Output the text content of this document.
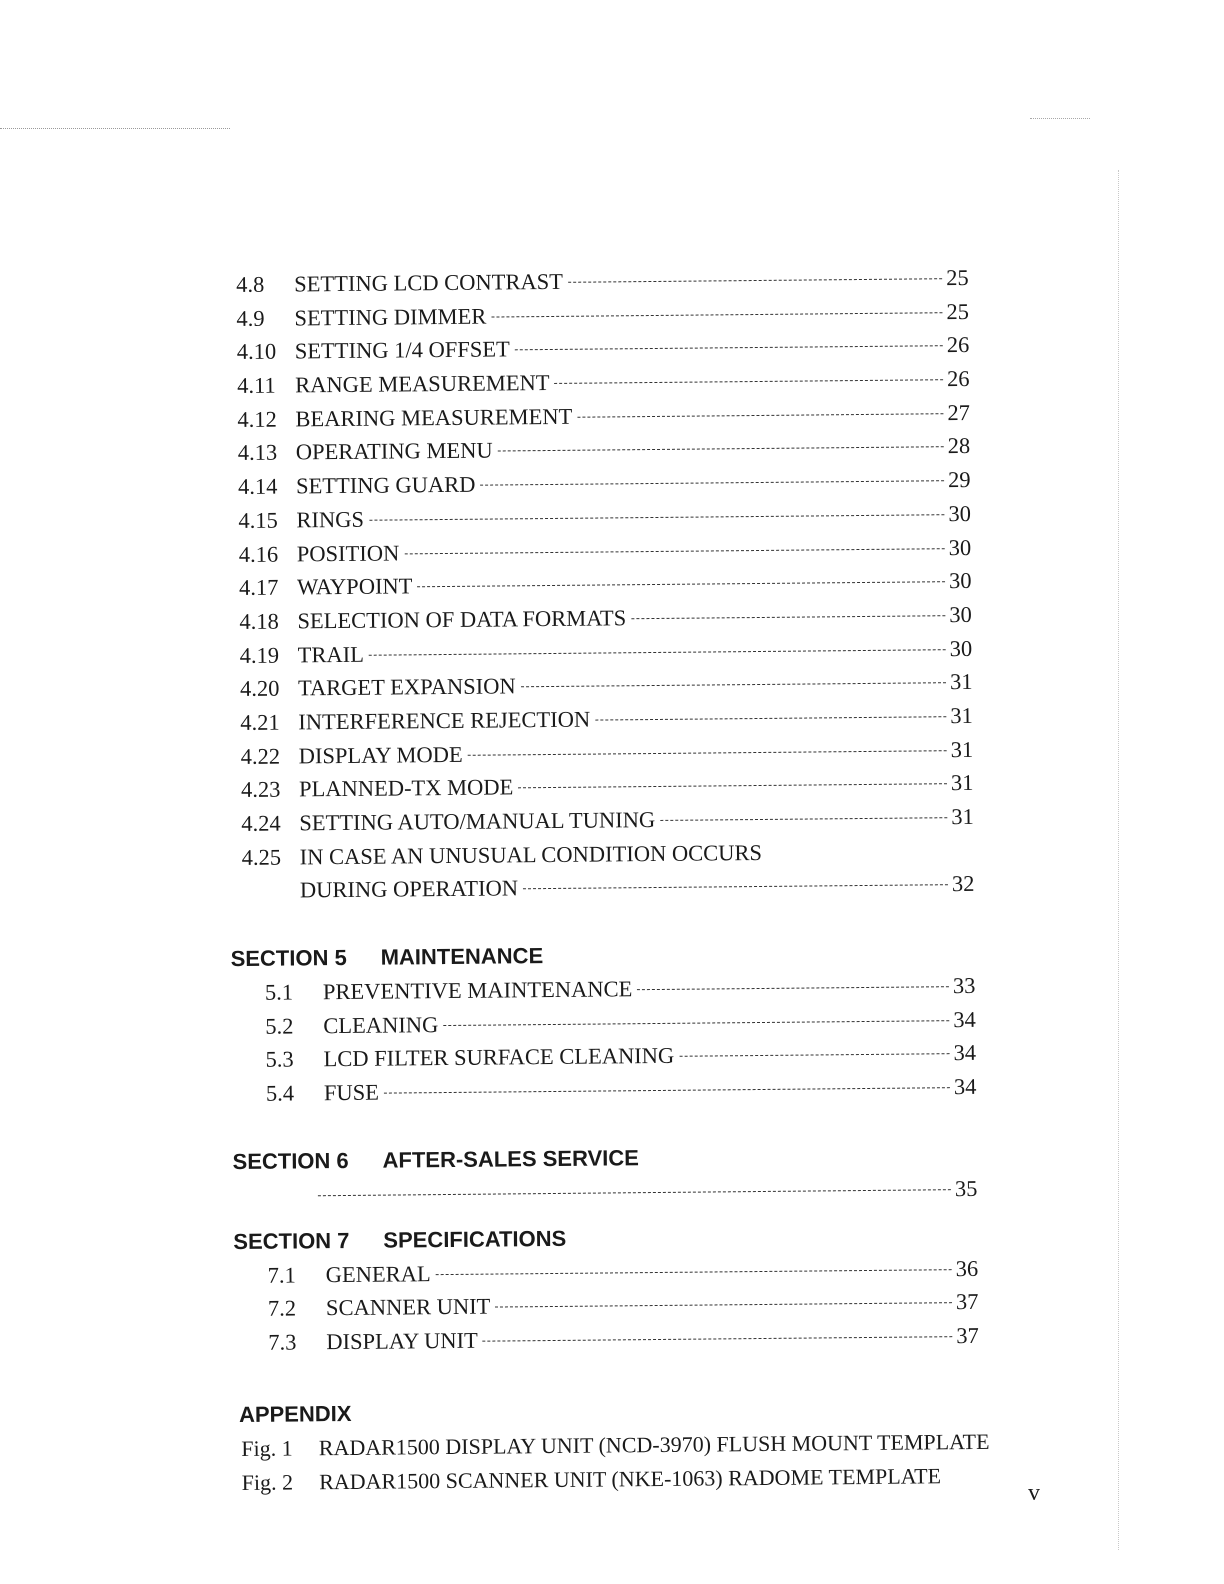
4.8	SETTING LCD CONTRAST	25
4.9	SETTING DIMMER	25
4.10 SETTING 1/4 OFFSET	26
4.11 RANGE MEASUREMENT	26
4.12 BEARING MEASUREMENT	27
4.13 OPERATING MENU	28
4.14 SETTING GUARD	29
4.15 RINGS	30
4.16 POSITION	30
4.17 WAYPOINT	30
4.18 SELECTION OF DATA FORMATS	30
4.19 TRAIL	30
4.20 TARGET EXPANSION	31
4.21 INTERFERENCE REJECTION	31
4.22 DISPLAY MODE	31
4.23 PLANNED-TX MODE	31
4.24 SETTING AUTO/MANUAL TUNING	31
4.25 IN CASE AN UNUSUAL CONDITION OCCURS
DURING OPERATION	32
SECTION 5	MAINTENANCE
5.1	PREVENTIVE MAINTENANCE	33
5.2	CLEANING	34
5.3	LCD FILTER SURFACE CLEANING	34
5.4	FUSE	34
SECTION 6	AFTER-SALES SERVICE
35
SECTION 7	SPECIFICATIONS
7.1	GENERAL	36
7.2	SCANNER UNIT	37
7.3	DISPLAY UNIT	37
APPENDIX
Fig. 1 RADAR1500 DISPLAY UNIT (NCD-3970) FLUSH MOUNT TEMPLATE
Fig. 2 RADAR1500 SCANNER UNIT (NKE-1063) RADOME TEMPLATE	v
